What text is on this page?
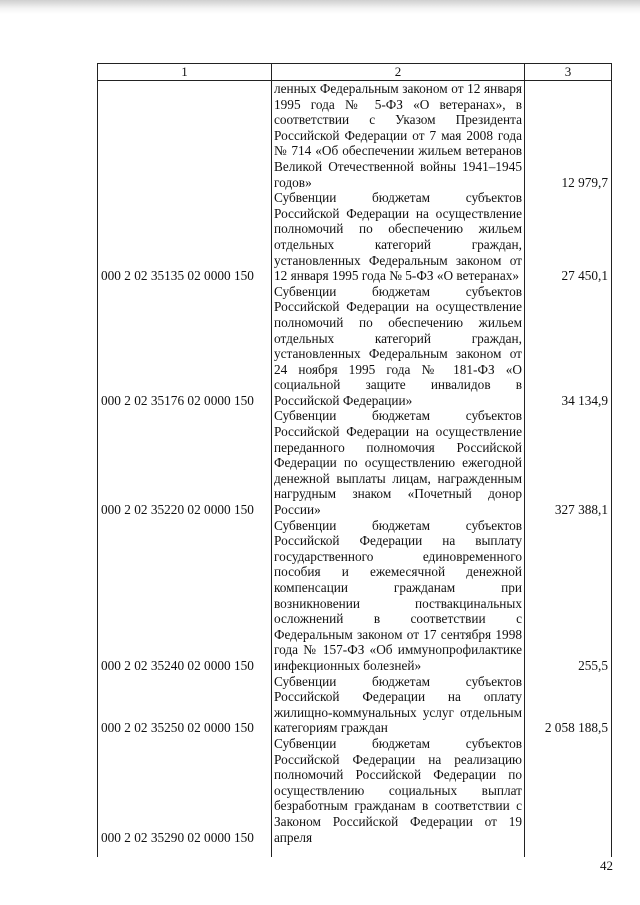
1	2	3

	ленных Федеральным законом от 12 января 1995 года № 5-ФЗ «О ветеранах», в соответствии с Указом Президента Российской Федерации от 7 мая 2008 года № 714 «Об обеспечении жильем ветеранов Великой Отечественной войны 1941–1945 годов»	12 979,7

000 2 02 35135 02 0000 150	Субвенции бюджетам субъектов Российской Федерации на осуществление полномочий по обеспечению жильем отдельных категорий граждан, установленных Федеральным законом от 12 января 1995 года № 5-ФЗ «О ветеранах»	27 450,1

000 2 02 35176 02 0000 150	Субвенции бюджетам субъектов Российской Федерации на осуществление полномочий по обеспечению жильем отдельных категорий граждан, установленных Федеральным законом от 24 ноября 1995 года № 181-ФЗ «О социальной защите инвалидов в Российской Федерации»	34 134,9

000 2 02 35220 02 0000 150	Субвенции бюджетам субъектов Российской Федерации на осуществление переданного полномочия Российской Федерации по осуществлению ежегодной денежной выплаты лицам, награжденным нагрудным знаком «Почетный донор России»	327 388,1

000 2 02 35240 02 0000 150	Субвенции бюджетам субъектов Российской Федерации на выплату государственного единовременного пособия и ежемесячной денежной компенсации гражданам при возникновении поствакцинальных осложнений в соответствии с Федеральным законом от 17 сентября 1998 года № 157-ФЗ «Об иммунопрофилактике инфекционных болезней»	255,5

000 2 02 35250 02 0000 150	Субвенции бюджетам субъектов Российской Федерации на оплату жилищно-коммунальных услуг отдельным категориям граждан	2 058 188,5

000 2 02 35290 02 0000 150	Субвенции бюджетам субъектов Российской Федерации на реализацию полномочий Российской Федерации по осуществлению социальных выплат безработным гражданам в соответствии с Законом Российской Федерации от 19 апреля	

42
